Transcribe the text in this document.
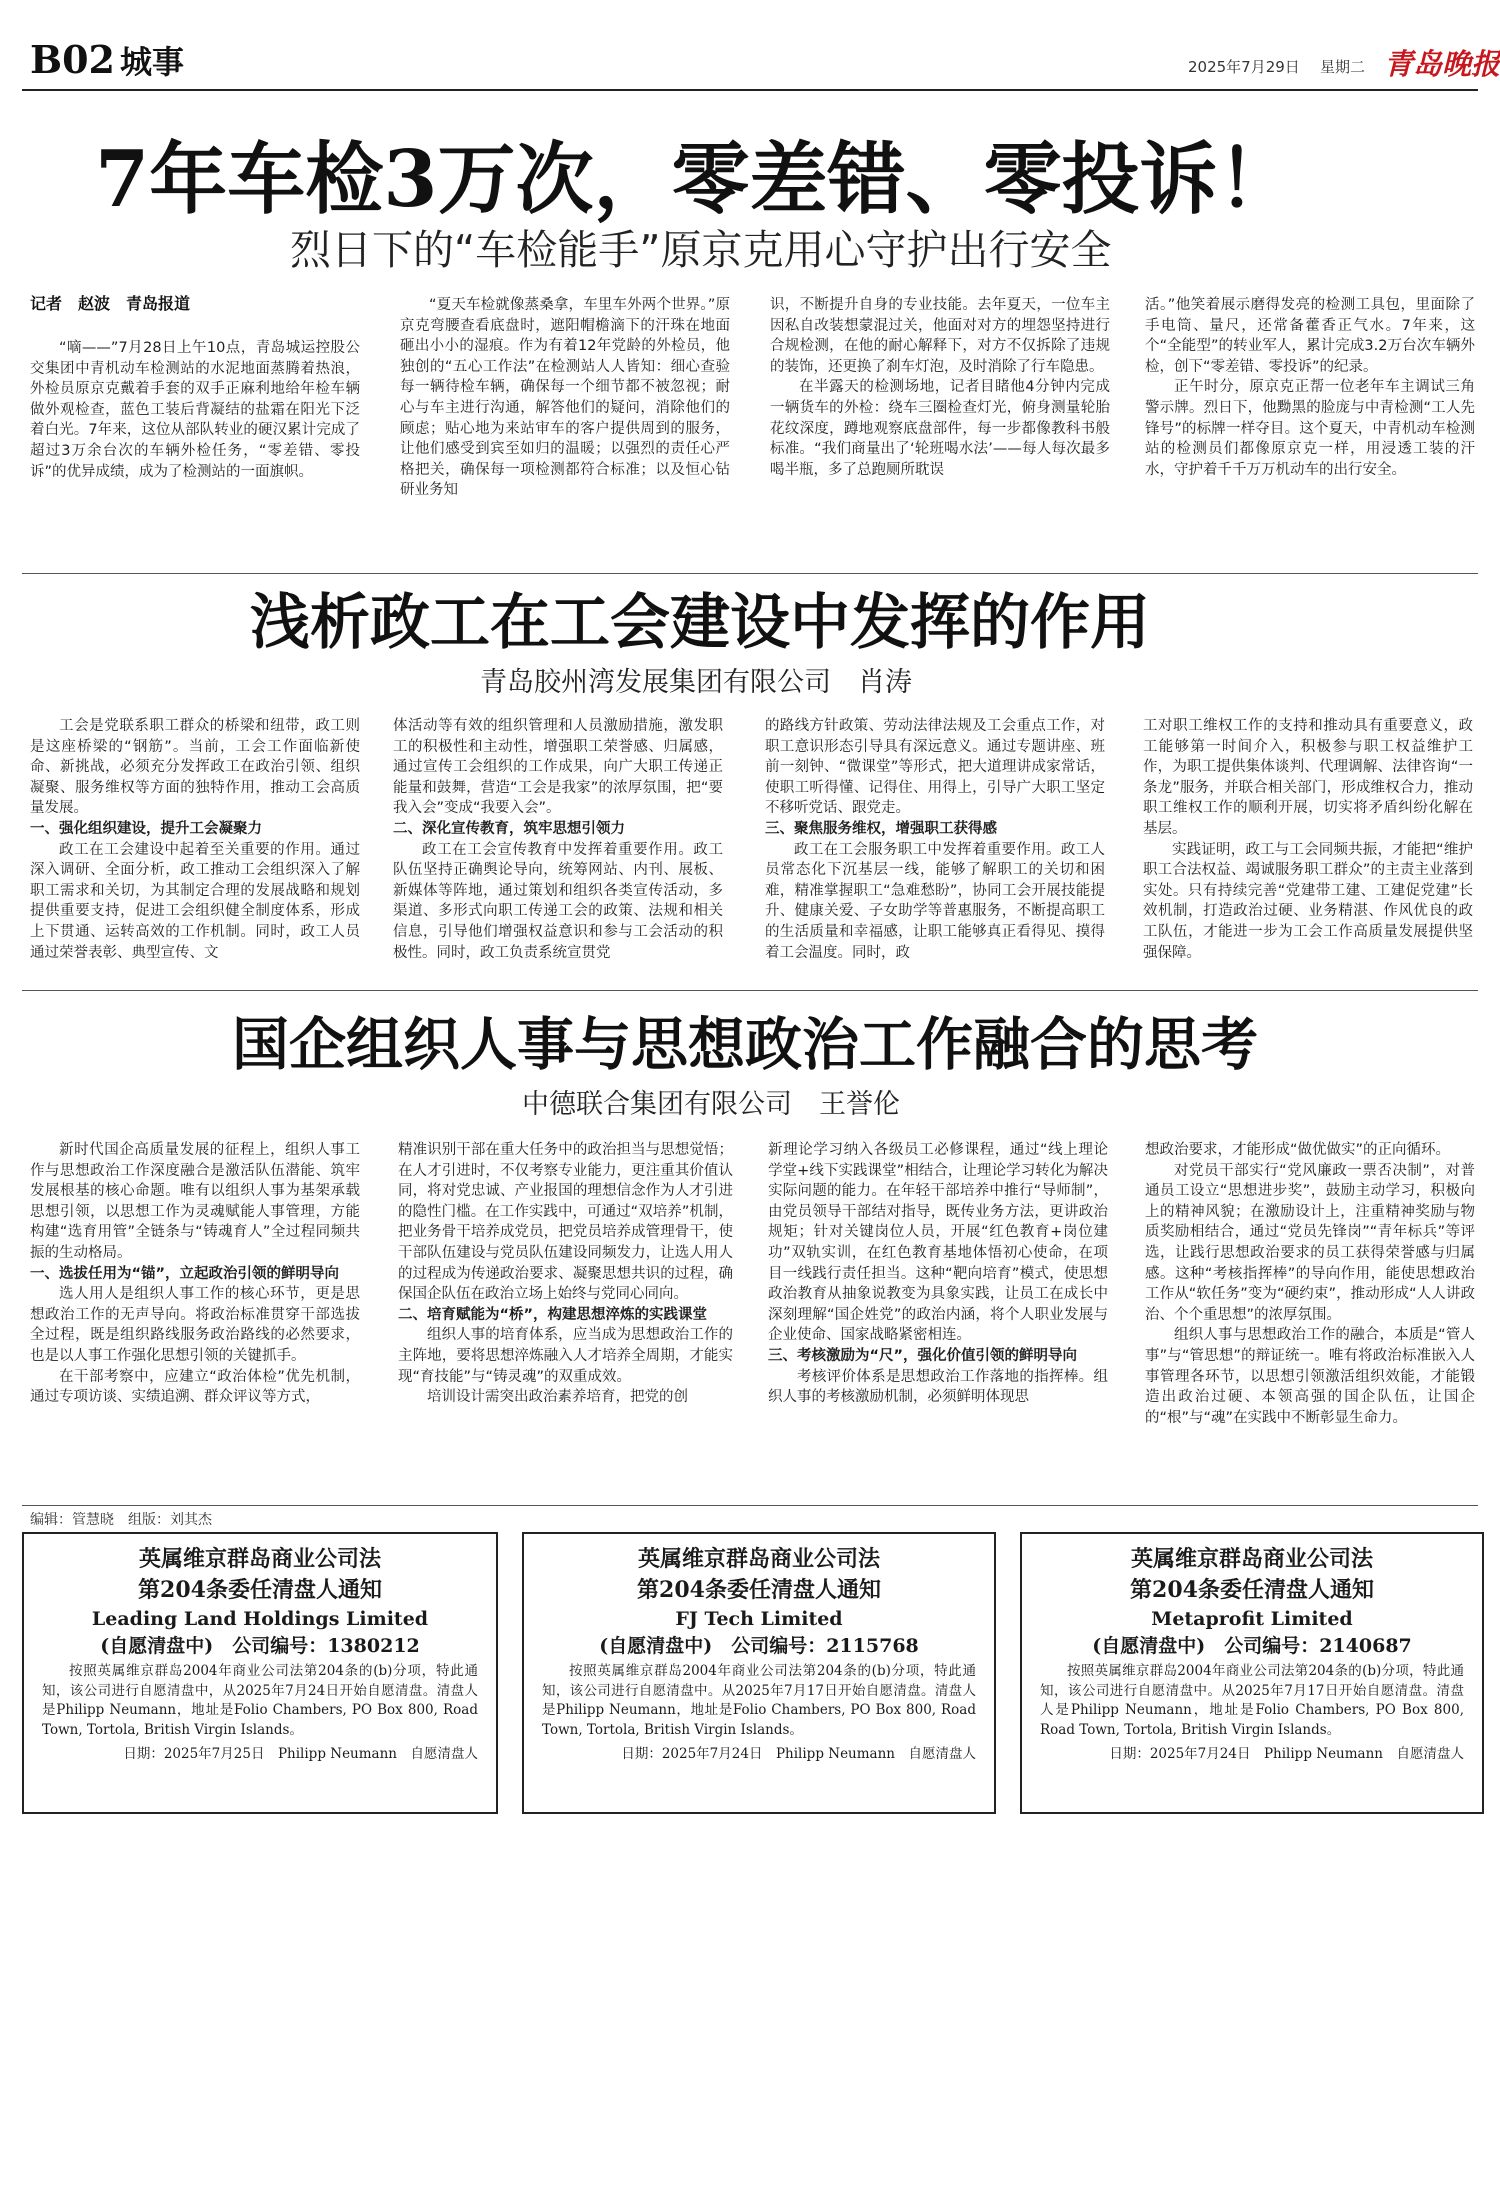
B02 城事	2025年7月29日 星期二 青岛晚报
7年车检3万次，零差错、零投诉！
烈日下的“车检能手”原京克用心守护出行安全
记者　赵波　青岛报道

“嘀——”7月28日上午10点，青岛城运控股公交集团中青机动车检测站的水泥地面蒸腾着热浪，外检员原京克戴着手套的双手正麻利地给年检车辆做外观检查，蓝色工装后背凝结的盐霜在阳光下泛着白光。7年来，这位从部队转业的硬汉累计完成了超过3万余台次的车辆外检任务，“零差错、零投诉”的优异成绩，成为了检测站的一面旗帜。

“夏天车检就像蒸桑拿，车里车外两个世界。”原京克弯腰查看底盘时，遮阳帽檐滴下的汗珠在地面砸出小小的湿痕。作为有着12年党龄的外检员，他独创的“五心工作法”在检测站人人皆知：细心查验每一辆待检车辆，确保每一个细节都不被忽视；耐心与车主进行沟通，解答他们的疑问，消除他们的顾虑；贴心地为来站审车的客户提供周到的服务，让他们感受到宾至如归的温暖；以强烈的责任心严格把关，确保每一项检测都符合标准；以及恒心钻研业务知

识，不断提升自身的专业技能。去年夏天，一位车主因私自改装想蒙混过关，他面对对方的埋怨坚持进行合规检测，在他的耐心解释下，对方不仅拆除了违规的装饰，还更换了刹车灯泡，及时消除了行车隐患。

在半露天的检测场地，记者目睹他4分钟内完成一辆货车的外检：绕车三圈检查灯光，俯身测量轮胎花纹深度，蹲地观察底盘部件，每一步都像教科书般标准。“我们商量出了‘轮班喝水法’——每人每次最多喝半瓶，多了总跑厕所耽误

活。”他笑着展示磨得发亮的检测工具包，里面除了手电筒、量尺，还常备藿香正气水。7年来，这个“全能型”的转业军人，累计完成3.2万台次车辆外检，创下“零差错、零投诉”的纪录。

正午时分，原京克正帮一位老年车主调试三角警示牌。烈日下，他黝黑的脸庞与中青检测“工人先锋号”的标牌一样夺目。这个夏天，中青机动车检测站的检测员们都像原京克一样，用浸透工装的汗水，守护着千千万万机动车的出行安全。

浅析政工在工会建设中发挥的作用
青岛胶州湾发展集团有限公司　肖涛

工会是党联系职工群众的桥梁和纽带，政工则是这座桥梁的“钢筋”。当前，工会工作面临新使命、新挑战，必须充分发挥政工在政治引领、组织凝聚、服务维权等方面的独特作用，推动工会高质量发展。

一、强化组织建设，提升工会凝聚力

政工在工会建设中起着至关重要的作用。通过深入调研、全面分析，政工推动工会组织深入了解职工需求和关切，为其制定合理的发展战略和规划提供重要支持，促进工会组织健全制度体系，形成上下贯通、运转高效的工作机制。同时，政工人员通过荣誉表彰、典型宣传、文

体活动等有效的组织管理和人员激励措施，激发职工的积极性和主动性，增强职工荣誉感、归属感，通过宣传工会组织的工作成果，向广大职工传递正能量和鼓舞，营造“工会是我家”的浓厚氛围，把“要我入会”变成“我要入会”。

二、深化宣传教育，筑牢思想引领力

政工在工会宣传教育中发挥着重要作用。政工队伍坚持正确舆论导向，统筹网站、内刊、展板、新媒体等阵地，通过策划和组织各类宣传活动，多渠道、多形式向职工传递工会的政策、法规和相关信息，引导他们增强权益意识和参与工会活动的积极性。同时，政工负责系统宣贯党

的路线方针政策、劳动法律法规及工会重点工作，对职工意识形态引导具有深远意义。通过专题讲座、班前一刻钟、“微课堂”等形式，把大道理讲成家常话，使职工听得懂、记得住、用得上，引导广大职工坚定不移听党话、跟党走。

三、聚焦服务维权，增强职工获得感

政工在工会服务职工中发挥着重要作用。政工人员常态化下沉基层一线，能够了解职工的关切和困难，精准掌握职工“急难愁盼”，协同工会开展技能提升、健康关爱、子女助学等普惠服务，不断提高职工的生活质量和幸福感，让职工能够真正看得见、摸得着工会温度。同时，政

工对职工维权工作的支持和推动具有重要意义，政工能够第一时间介入，积极参与职工权益维护工作，为职工提供集体谈判、代理调解、法律咨询“一条龙”服务，并联合相关部门，形成维权合力，推动职工维权工作的顺利开展，切实将矛盾纠纷化解在基层。

实践证明，政工与工会同频共振，才能把“维护职工合法权益、竭诚服务职工群众”的主责主业落到实处。只有持续完善“党建带工建、工建促党建”长效机制，打造政治过硬、业务精湛、作风优良的政工队伍，才能进一步为工会工作高质量发展提供坚强保障。

国企组织人事与思想政治工作融合的思考
中德联合集团有限公司　王誉伦

新时代国企高质量发展的征程上，组织人事工作与思想政治工作深度融合是激活队伍潜能、筑牢发展根基的核心命题。唯有以组织人事为基架承载思想引领，以思想工作为灵魂赋能人事管理，方能构建“选育用管”全链条与“铸魂育人”全过程同频共振的生动格局。

一、选拔任用为“锚”，立起政治引领的鲜明导向

选人用人是组织人事工作的核心环节，更是思想政治工作的无声导向。将政治标准贯穿干部选拔全过程，既是组织路线服务政治路线的必然要求，也是以人事工作强化思想引领的关键抓手。

在干部考察中，应建立“政治体检”优先机制，通过专项访谈、实绩追溯、群众评议等方式，

精准识别干部在重大任务中的政治担当与思想觉悟；在人才引进时，不仅考察专业能力，更注重其价值认同，将对党忠诚、产业报国的理想信念作为人才引进的隐性门槛。在工作实践中，可通过“双培养”机制，把业务骨干培养成党员，把党员培养成管理骨干，使干部队伍建设与党员队伍建设同频发力，让选人用人的过程成为传递政治要求、凝聚思想共识的过程，确保国企队伍在政治立场上始终与党同心同向。

二、培育赋能为“桥”，构建思想淬炼的实践课堂

组织人事的培育体系，应当成为思想政治工作的主阵地，要将思想淬炼融入人才培养全周期，才能实现“育技能”与“铸灵魂”的双重成效。

培训设计需突出政治素养培育，把党的创

新理论学习纳入各级员工必修课程，通过“线上理论学堂+线下实践课堂”相结合，让理论学习转化为解决实际问题的能力。在年轻干部培养中推行“导师制”，由党员领导干部结对指导，既传业务方法，更讲政治规矩；针对关键岗位人员，开展“红色教育+岗位建功”双轨实训，在红色教育基地体悟初心使命，在项目一线践行责任担当。这种“靶向培育”模式，使思想政治教育从抽象说教变为具象实践，让员工在成长中深刻理解“国企姓党”的政治内涵，将个人职业发展与企业使命、国家战略紧密相连。

三、考核激励为“尺”，强化价值引领的鲜明导向

考核评价体系是思想政治工作落地的指挥棒。组织人事的考核激励机制，必须鲜明体现思

想政治要求，才能形成“做优做实”的正向循环。

对党员干部实行“党风廉政一票否决制”，对普通员工设立“思想进步奖”，鼓励主动学习，积极向上的精神风貌；在激励设计上，注重精神奖励与物质奖励相结合，通过“党员先锋岗”“青年标兵”等评选，让践行思想政治要求的员工获得荣誉感与归属感。这种“考核指挥棒”的导向作用，能使思想政治工作从“软任务”变为“硬约束”，推动形成“人人讲政治、个个重思想”的浓厚氛围。

组织人事与思想政治工作的融合，本质是“管人事”与“管思想”的辩证统一。唯有将政治标准嵌入人事管理各环节，以思想引领激活组织效能，才能锻造出政治过硬、本领高强的国企队伍，让国企的“根”与“魂”在实践中不断彰显生命力。

编辑：管慧晓　组版：刘其杰
英属维京群岛商业公司法
第204条委任清盘人通知
Leading Land Holdings Limited
(自愿清盘中)　公司编号：1380212
按照英属维京群岛2004年商业公司法第204条的(b)分项，特此通知，该公司进行自愿清盘中，从2025年7月24日开始自愿清盘。清盘人是Philipp Neumann，地址是Folio Chambers, PO Box 800, Road Town, Tortola, British Virgin Islands。
日期：2025年7月25日　Philipp Neumann　自愿清盘人
英属维京群岛商业公司法
第204条委任清盘人通知
FJ Tech Limited
(自愿清盘中)　公司编号：2115768
按照英属维京群岛2004年商业公司法第204条的(b)分项，特此通知，该公司进行自愿清盘中。从2025年7月17日开始自愿清盘。清盘人是Philipp Neumann，地址是Folio Chambers, PO Box 800, Road Town, Tortola, British Virgin Islands。
日期：2025年7月24日　Philipp Neumann　自愿清盘人
英属维京群岛商业公司法
第204条委任清盘人通知
Metaprofit Limited
(自愿清盘中)　公司编号：2140687
按照英属维京群岛2004年商业公司法第204条的(b)分项，特此通知，该公司进行自愿清盘中。从2025年7月17日开始自愿清盘。清盘人是Philipp Neumann，地址是Folio Chambers, PO Box 800, Road Town, Tortola, British Virgin Islands。
日期：2025年7月24日　Philipp Neumann　自愿清盘人
